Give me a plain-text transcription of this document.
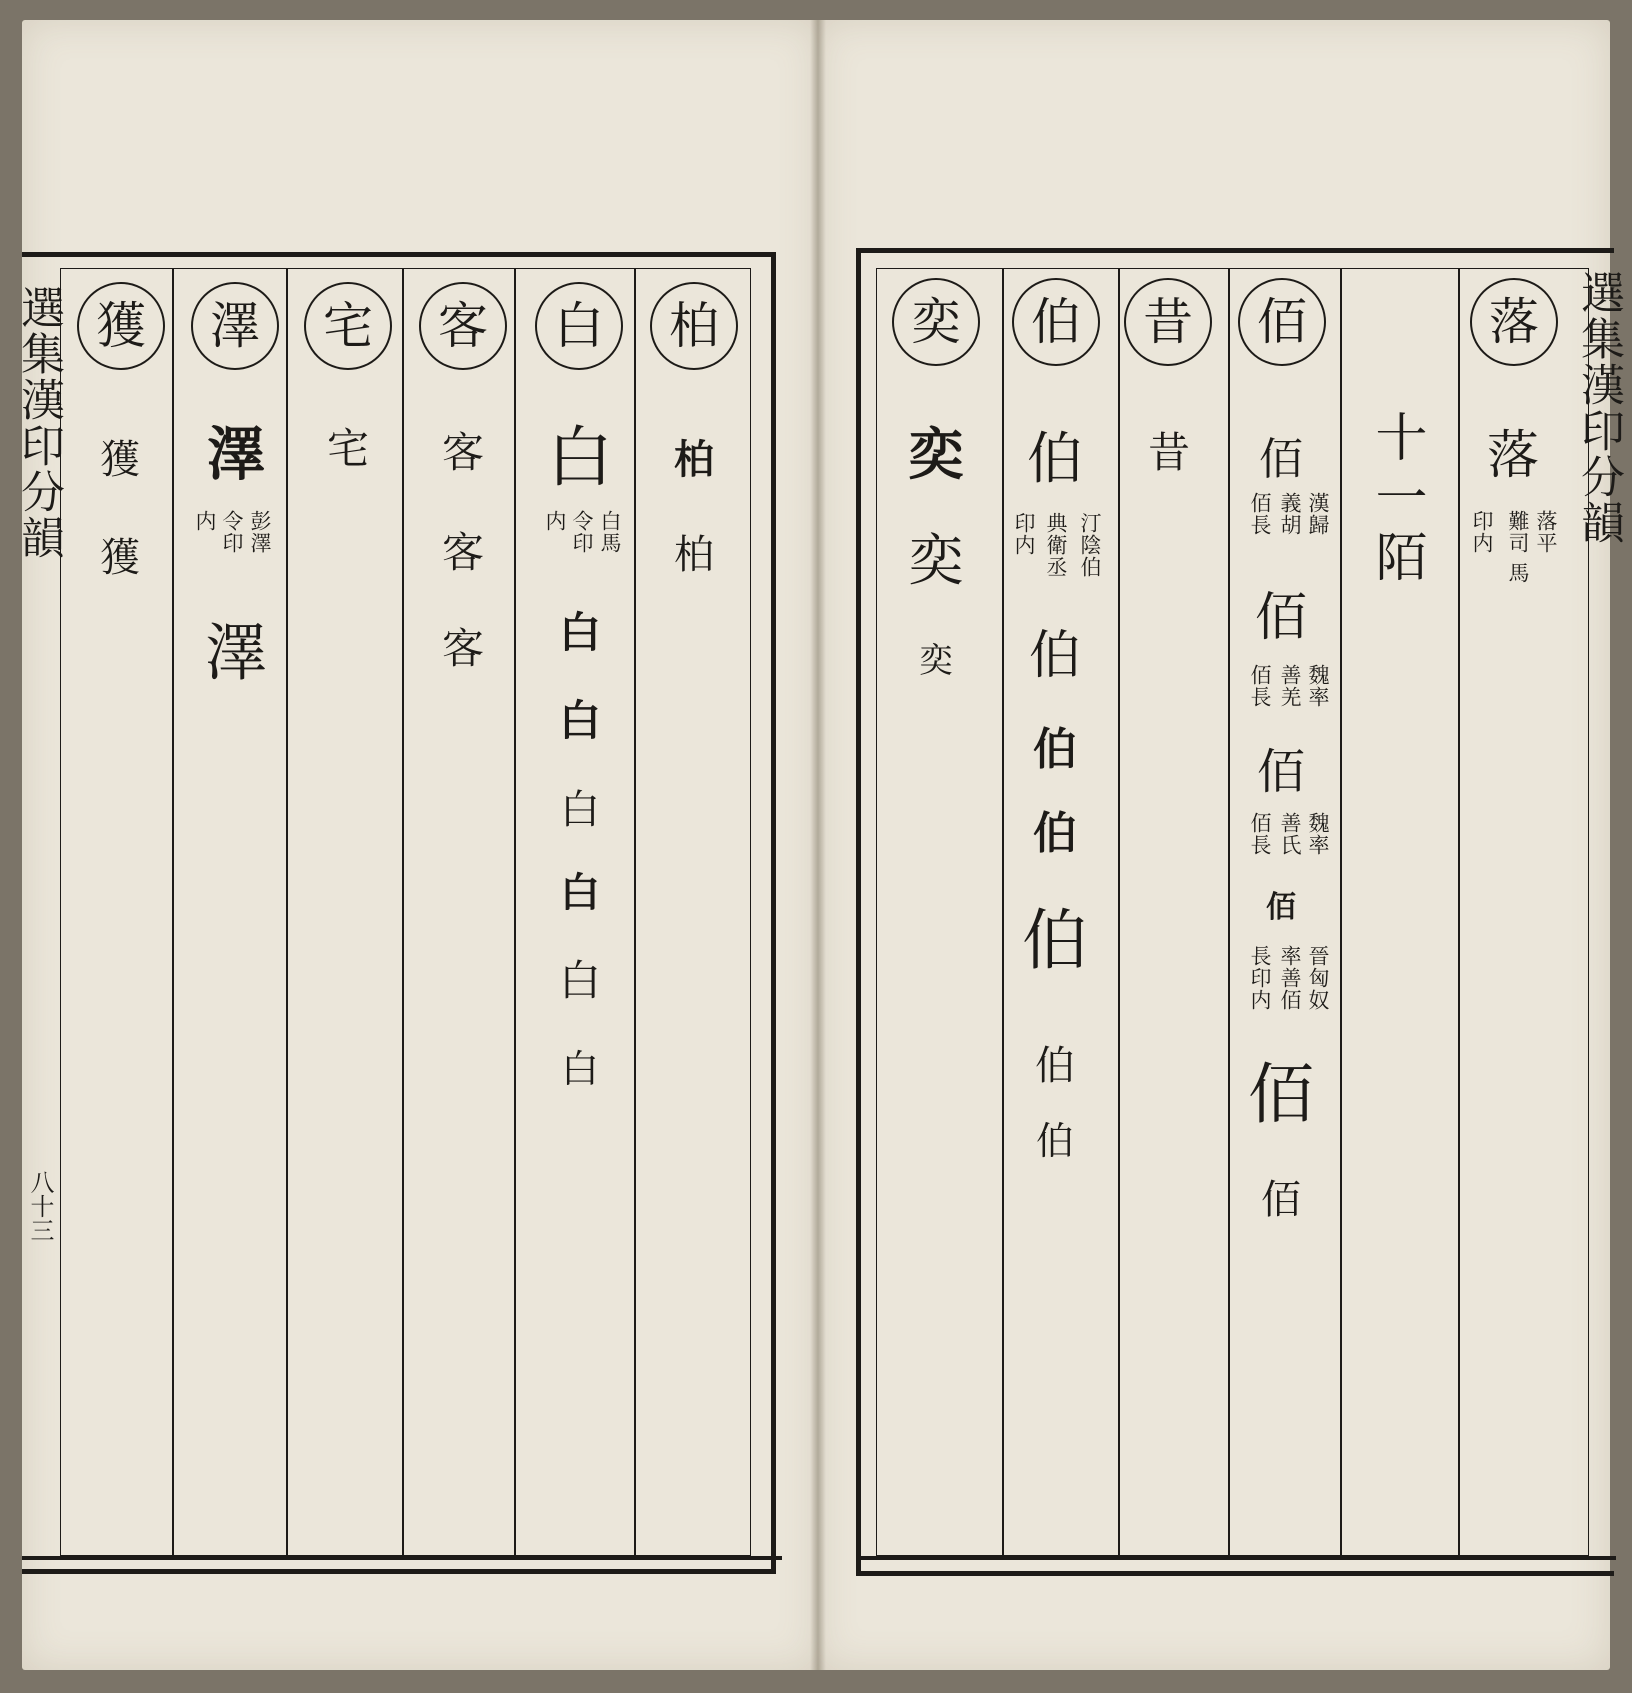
選集漢印分韻
八十三
柏
柏
柏
白
白
白馬
令印
内
白
白
白
白
白
白
客
客
客
客
宅
宅
澤
澤
彭澤
令印
内
澤
獲
獲
獲
選集漢印分韻
落
落
落平
難司
印内
馬
十一陌
佰
佰
漢歸
義胡
佰長
佰
魏率
善羌
佰長
佰
魏率
善氏
佰長
佰
晉匈奴
率善佰
長印内
佰
佰
昔
昔
伯
伯
汀陰伯
典衛丞
印内
伯
伯
伯
伯
伯
伯
奕
奕
奕
奕
